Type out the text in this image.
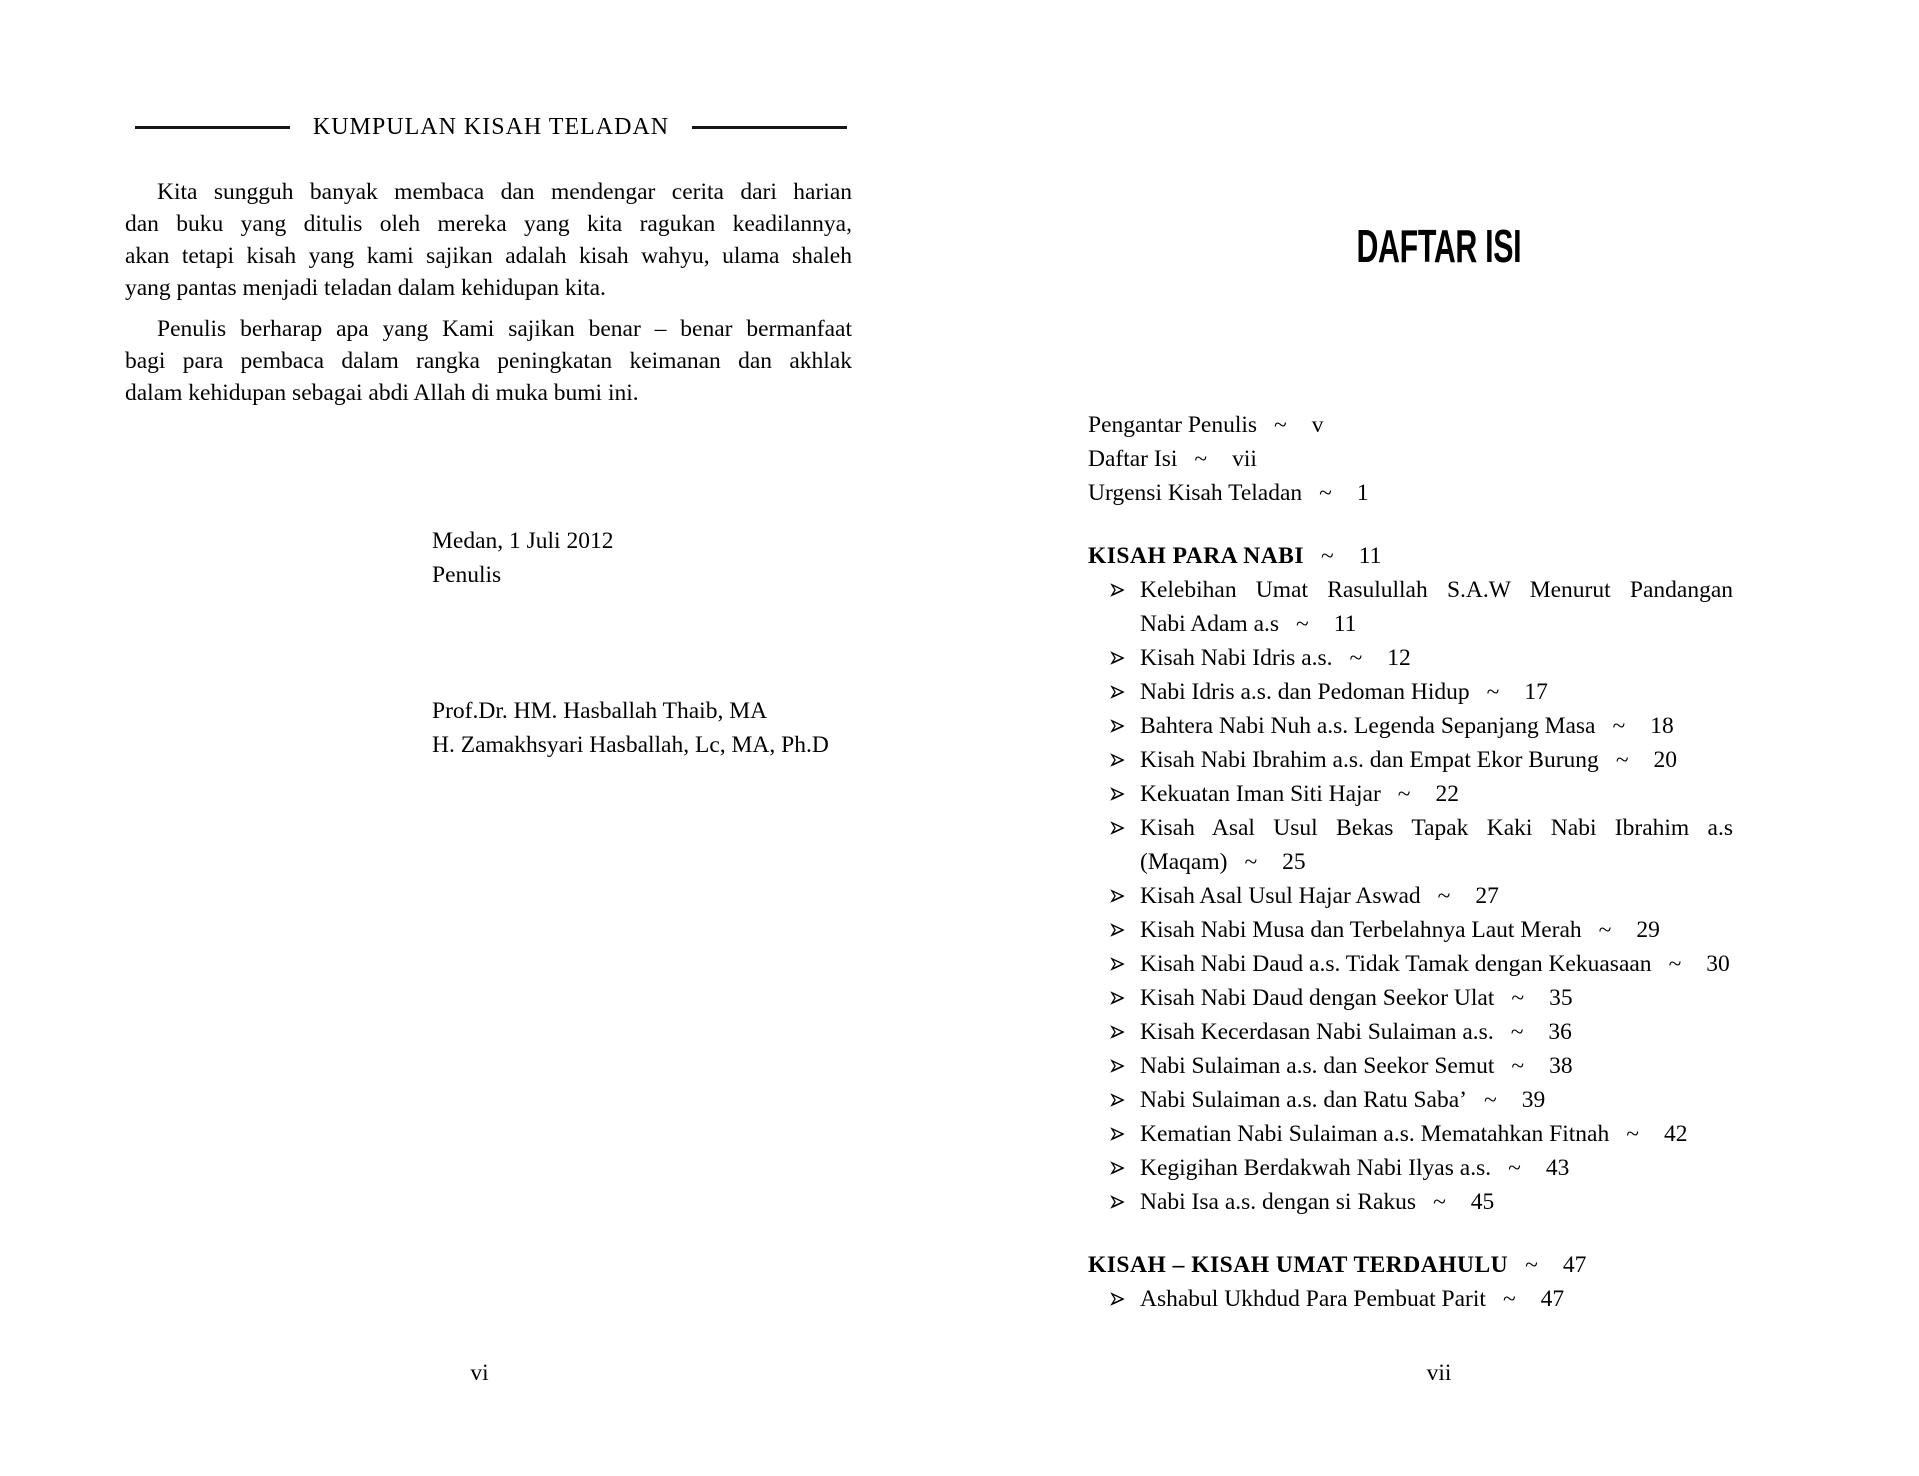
KUMPULAN KISAH TELADAN
Kita sungguh banyak membaca dan mendengar cerita dari harian
dan buku yang ditulis oleh mereka yang kita ragukan keadilannya,
akan tetapi kisah yang kami sajikan adalah kisah wahyu, ulama shaleh
yang pantas menjadi teladan dalam kehidupan kita.
Penulis berharap apa yang Kami sajikan benar – benar bermanfaat
bagi para pembaca dalam rangka peningkatan keimanan dan akhlak
dalam kehidupan sebagai abdi Allah di muka bumi ini.
Medan, 1 Juli 2012
Penulis
Prof.Dr. HM. Hasballah Thaib, MA
H. Zamakhsyari Hasballah, Lc, MA, Ph.D
vi
DAFTAR ISI
Pengantar Penulis ~ v
Daftar Isi ~ vii
Urgensi Kisah Teladan ~ 1
KISAH PARA NABI ~ 11
Kelebihan Umat Rasulullah S.A.W Menurut Pandangan
Nabi Adam a.s ~ 11
Kisah Nabi Idris a.s. ~ 12
Nabi Idris a.s. dan Pedoman Hidup ~ 17
Bahtera Nabi Nuh a.s. Legenda Sepanjang Masa ~ 18
Kisah Nabi Ibrahim a.s. dan Empat Ekor Burung ~ 20
Kekuatan Iman Siti Hajar ~ 22
Kisah Asal Usul Bekas Tapak Kaki Nabi Ibrahim a.s
(Maqam) ~ 25
Kisah Asal Usul Hajar Aswad ~ 27
Kisah Nabi Musa dan Terbelahnya Laut Merah ~ 29
Kisah Nabi Daud a.s. Tidak Tamak dengan Kekuasaan ~ 30
Kisah Nabi Daud dengan Seekor Ulat ~ 35
Kisah Kecerdasan Nabi Sulaiman a.s. ~ 36
Nabi Sulaiman a.s. dan Seekor Semut ~ 38
Nabi Sulaiman a.s. dan Ratu Saba’ ~ 39
Kematian Nabi Sulaiman a.s. Mematahkan Fitnah ~ 42
Kegigihan Berdakwah Nabi Ilyas a.s. ~ 43
Nabi Isa a.s. dengan si Rakus ~ 45
KISAH – KISAH UMAT TERDAHULU ~ 47
Ashabul Ukhdud Para Pembuat Parit ~ 47
vii
